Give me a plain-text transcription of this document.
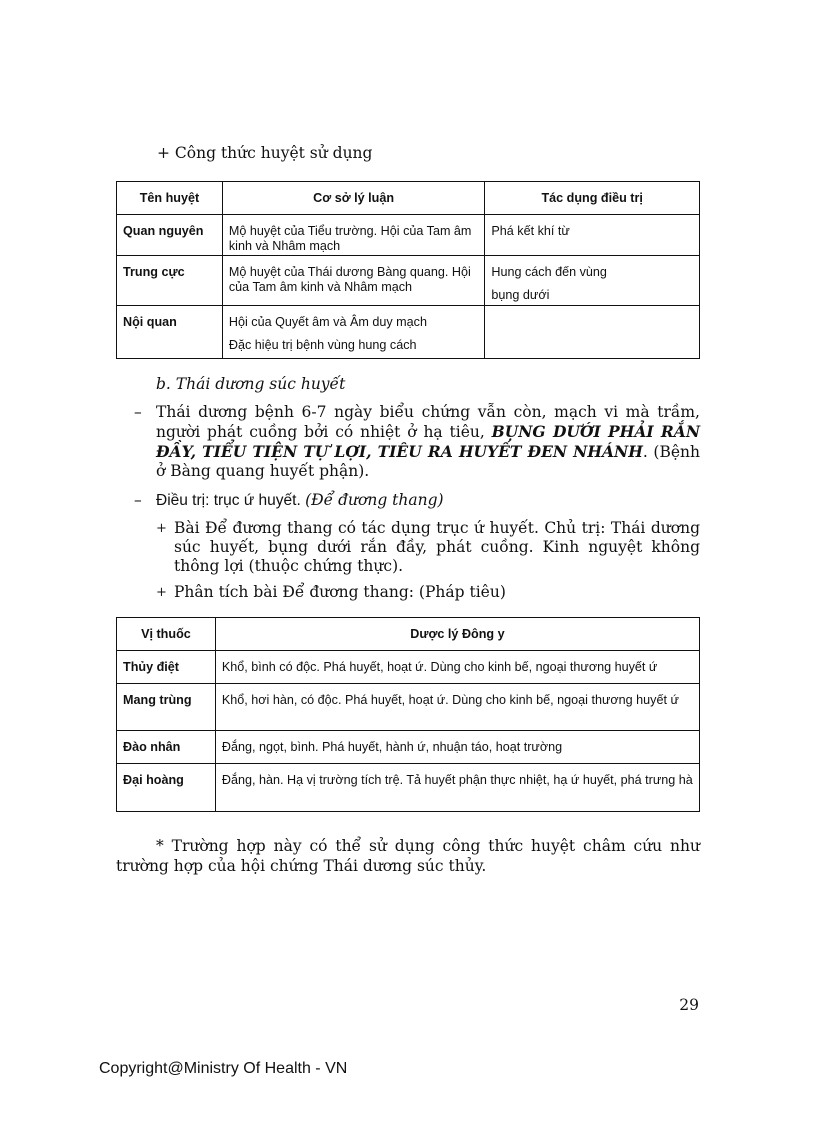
+ Công thức huyệt sử dụng
Tên huyệt	Cơ sở lý luận	Tác dụng điều trị
Quan nguyên	Mộ huyệt của Tiểu trường. Hội của Tam âm kinh và Nhâm mạch	Phá kết khí từ

Trung cực	Mộ huyệt của Thái dương Bàng quang. Hội của Tam âm kinh và Nhâm mạch	Hung cách đến vùng
bụng dưới

Nội quan	Hội của Quyết âm và Âm duy mạch
Đặc hiệu trị bệnh vùng hung cách	

b. Thái dương súc huyết
– Thái dương bệnh 6-7 ngày biểu chứng vẫn còn, mạch vi mà trầm, người phát cuồng bởi có nhiệt ở hạ tiêu, BỤNG DƯỚI PHẢI RẮN ĐẦY, TIỂU TIỆN TỰ LỢI, TIÊU RA HUYẾT ĐEN NHÁNH. (Bệnh ở Bàng quang huyết phận).
– Điều trị: trục ứ huyết. (Để đương thang)
+ Bài Để đương thang có tác dụng trục ứ huyết. Chủ trị: Thái dương súc huyết, bụng dưới rắn đầy, phát cuồng. Kinh nguyệt không thông lợi (thuộc chứng thực).
+ Phân tích bài Để đương thang: (Pháp tiêu)
Vị thuốc	Dược lý Đông y
Thủy điệt	Khổ, bình có độc. Phá huyết, hoạt ứ. Dùng cho kinh bế, ngoại thương huyết ứ
Mang trùng	Khổ, hơi hàn, có độc. Phá huyết, hoạt ứ. Dùng cho kinh bế, ngoại thương huyết ứ
Đào nhân	Đắng, ngọt, bình. Phá huyết, hành ứ, nhuận táo, hoạt trường
Đại hoàng	Đắng, hàn. Hạ vị trường tích trệ. Tả huyết phận thực nhiệt, hạ ứ huyết, phá trưng hà
* Trường hợp này có thể sử dụng công thức huyệt châm cứu như trường hợp của hội chứng Thái dương súc thủy.
29
Copyright@Ministry Of Health - VN
